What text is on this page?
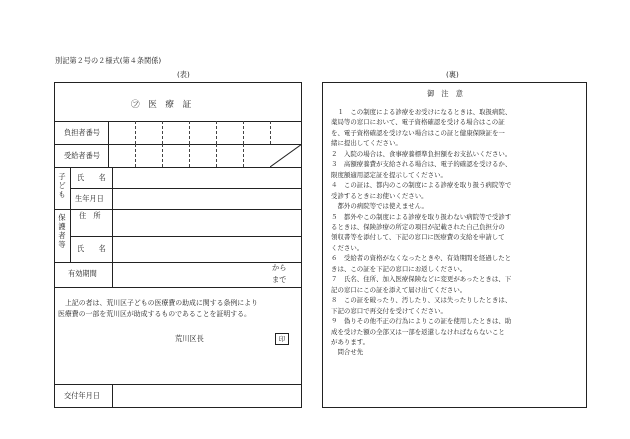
別記第２号の２様式(第４条関係)
(表)	(裏)
㋫　医　療　証
負担者番号
受給者番号
子ども
氏　　名
生年月日
保護者等
住　所
氏　　名
有効期間
から
まで

上記の者は、荒川区子どもの医療費の助成に関する条例により

医療費の一部を荒川区が助成するものであることを証明する。

荒川区長	印
交付年月日
御　注　意

　１　この制度による診療をお受けになるときは、取扱病院、

薬局等の窓口において、電子資格確認を受ける場合はこの証

を、電子資格確認を受けない場合はこの証と健康保険証を一

緒に提出してください。

２　入院の場合は、食事療養標準負担額をお支払いください。

３　高額療養費が支給される場合は、電子的確認を受けるか、

限度額適用認定証を提示してください。

４　この証は、都内のこの制度による診療を取り扱う病院等で

受診するときにお使いください。

　都外の病院等では使えません。

５　都外やこの制度による診療を取り扱わない病院等で受診す

るときは、保険診療の所定の項目が記載された自己負担分の

領収書等を添付して、下記の窓口に医療費の支給を申請して

ください。

６　受給者の資格がなくなったときや、有効期間を経過したと

きは、この証を下記の窓口にお返しください。

７　氏名、住所、加入医療保険などに変更があったときは、下

記の窓口にこの証を添えて届け出てください。

８　この証を破ったり、汚したり、又は失ったりしたときは、

下記の窓口で再交付を受けてください。

９　偽りその他不正の行為によりこの証を使用したときは、助

成を受けた額の全部又は一部を返還しなければならないこと

があります。

　問合せ先
